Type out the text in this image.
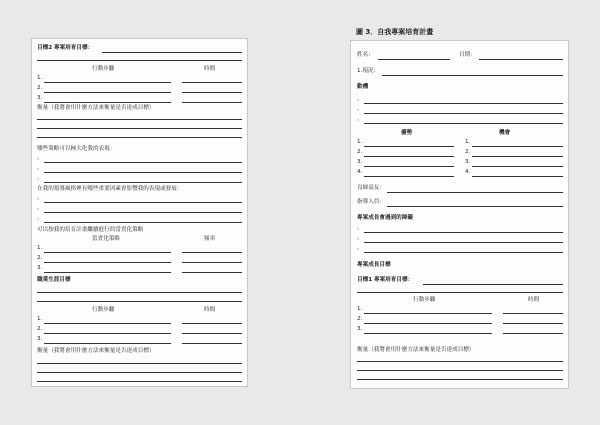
圖 3．自我專案培育計畫
目標2 專案培育目標：
行動步驟	時間
1.
2.
3.
衡量（我將會用什麼方法來衡量是否達成目標）
哪些策略可以極大化我的表現：
。
。
。
在我的領導風格裡有哪些重要因素會影響我的表現或發展：
。
。
。
可以按我的培育計畫繼續進行的當責化策略
當責化策略	頻率
1.
2.
3.
職業生涯目標
行動步驟	時間
1.
2.
3.
衡量（我將會用什麼方法來衡量是否達成目標）
姓名：	日期：
1.現況：
動機
。
。
。
優勢	機會
1.	1.
2.	2.
3.	3.
4.	4.
良師益友：
指導人員：
專案成長會遇到的障礙
。
。
。
專案成長目標
目標1 專案培育目標：
行動步驟	時間
1.
2.
3.
衡量（我將會用什麼方法來衡量是否達成目標）
